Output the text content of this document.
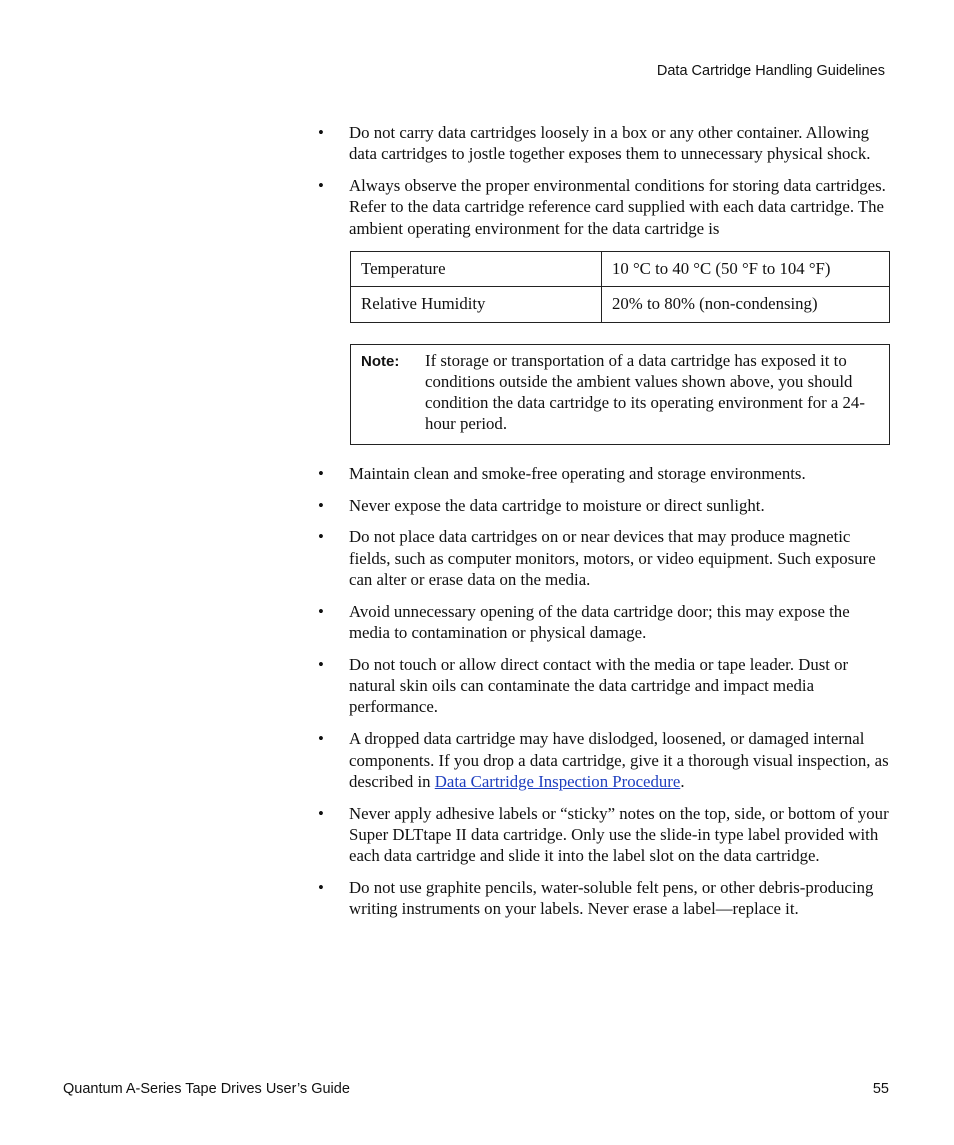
Data Cartridge Handling Guidelines
• Do not carry data cartridges loosely in a box or any other container. Allowing data cartridges to jostle together exposes them to unnecessary physical shock.

• Always observe the proper environmental conditions for storing data cartridges. Refer to the data cartridge reference card supplied with each data cartridge. The ambient operating environment for the data cartridge is

Temperature	10 °C to 40 °C (50 °F to 104 °F)
Relative Humidity	20% to 80% (non-condensing)
Note:	If storage or transportation of a data cartridge has exposed it to conditions outside the ambient values shown above, you should condition the data cartridge to its operating environment for a 24-hour period.
• Maintain clean and smoke-free operating and storage environments.

• Never expose the data cartridge to moisture or direct sunlight.

• Do not place data cartridges on or near devices that may produce magnetic fields, such as computer monitors, motors, or video equipment. Such exposure can alter or erase data on the media.

• Avoid unnecessary opening of the data cartridge door; this may expose the media to contamination or physical damage.

• Do not touch or allow direct contact with the media or tape leader. Dust or natural skin oils can contaminate the data cartridge and impact media performance.

• A dropped data cartridge may have dislodged, loosened, or damaged internal components. If you drop a data cartridge, give it a thorough visual inspection, as described in Data Cartridge Inspection Procedure.

• Never apply adhesive labels or “sticky” notes on the top, side, or bottom of your Super DLTtape II data cartridge. Only use the slide-in type label provided with each data cartridge and slide it into the label slot on the data cartridge.

• Do not use graphite pencils, water-soluble felt pens, or other debris-producing writing instruments on your labels. Never erase a label—replace it.

Quantum A-Series Tape Drives User’s Guide	55
